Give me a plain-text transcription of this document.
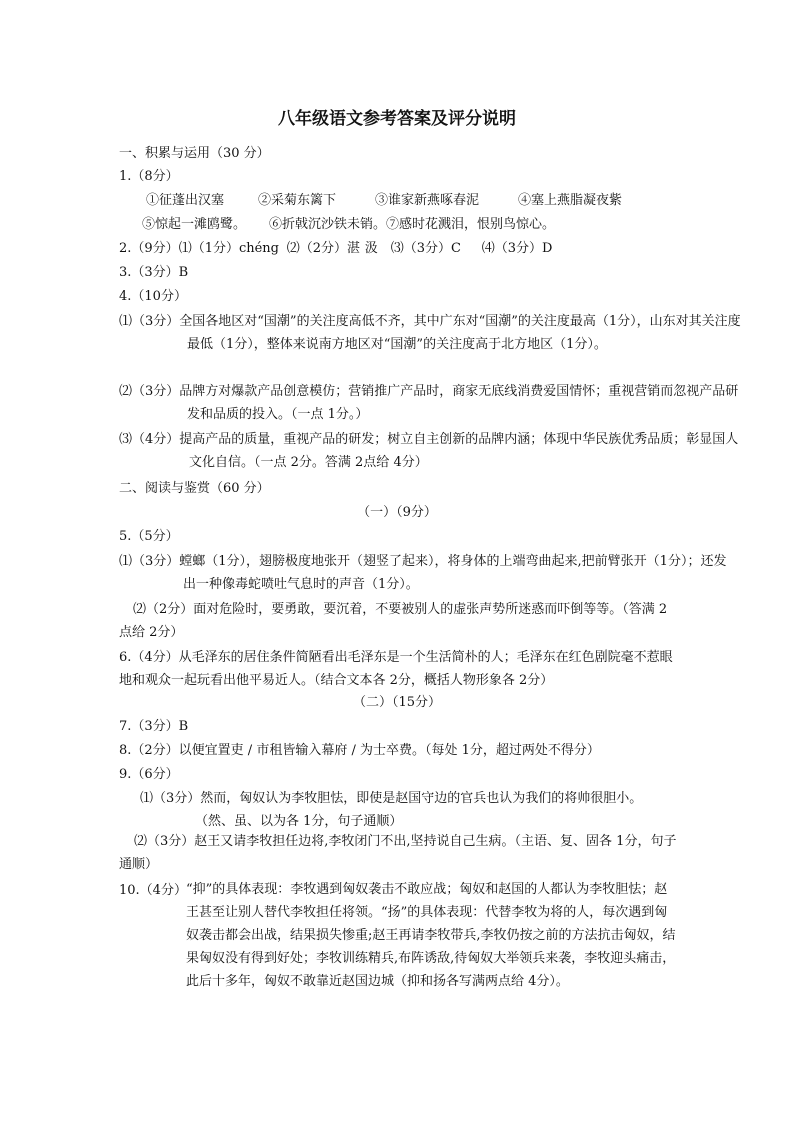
八年级语文参考答案及评分说明
一、积累与运用（30 分）
1.（8分）
①征蓬出汉塞	②采菊东篱下	③谁家新燕啄春泥	④塞上燕脂凝夜紫
⑤惊起一滩鸥鹭。 ⑥折戟沉沙铁未销。⑦感时花溅泪，恨别鸟惊心。
2.（9分）⑴（1分）chéng ⑵（2分）湛 汲 ⑶（3分）C ⑷（3分）D
3.（3分）B
4.（10分）
⑴（3分）全国各地区对“国潮”的关注度高低不齐，其中广东对“国潮”的关注度最高（1分），山东对其关注度最低（1分），整体来说南方地区对“国潮”的关注度高于北方地区（1分）。
⑵（3分）品牌方对爆款产品创意模仿；营销推广产品时，商家无底线消费爱国情怀；重视营销而忽视产品研发和品质的投入。（一点 1分。）
⑶（4分）提高产品的质量，重视产品的研发；树立自主创新的品牌内涵；体现中华民族优秀品质；彰显国人文化自信。（一点 2分。答满 2点给 4分）
二、阅读与鉴赏（60 分）
（一）（9分）
5.（5分）
⑴（3分）螳螂（1分），翅膀极度地张开（翅竖了起来），将身体的上端弯曲起来,把前臂张开（1分）；还发出一种像毒蛇喷吐气息时的声音（1分）。
⑵（2分）面对危险时，要勇敢，要沉着，不要被别人的虚张声势所迷惑而吓倒等等。（答满 2点给 2分）
6.（4分）从毛泽东的居住条件简陋看出毛泽东是一个生活简朴的人；毛泽东在红色剧院毫不惹眼地和观众一起玩看出他平易近人。（结合文本各 2分，概括人物形象各 2分）
（二）（15分）
7.（3分）B
8.（2分）以便宜置吏 / 市租皆输入幕府 / 为士卒费。（每处 1分，超过两处不得分）
9.（6分）
⑴（3分）然而，匈奴认为李牧胆怯，即使是赵国守边的官兵也认为我们的将帅很胆小。
（然、虽、以为各 1分，句子通顺）
⑵（3分）赵王又请李牧担任边将,李牧闭门不出,坚持说自己生病。（主语、复、固各 1分，句子通顺）
10.（4分） “抑”的具体表现：李牧遇到匈奴袭击不敢应战；匈奴和赵国的人都认为李牧胆怯；赵王甚至让别人替代李牧担任将领。“扬”的具体表现：代替李牧为将的人，每次遇到匈奴袭击都会出战，结果损失惨重;赵王再请李牧带兵,李牧仍按之前的方法抗击匈奴，结果匈奴没有得到好处；李牧训练精兵,布阵诱敌,待匈奴大举领兵来袭，李牧迎头痛击，此后十多年，匈奴不敢靠近赵国边城（抑和扬各写满两点给 4分）。
